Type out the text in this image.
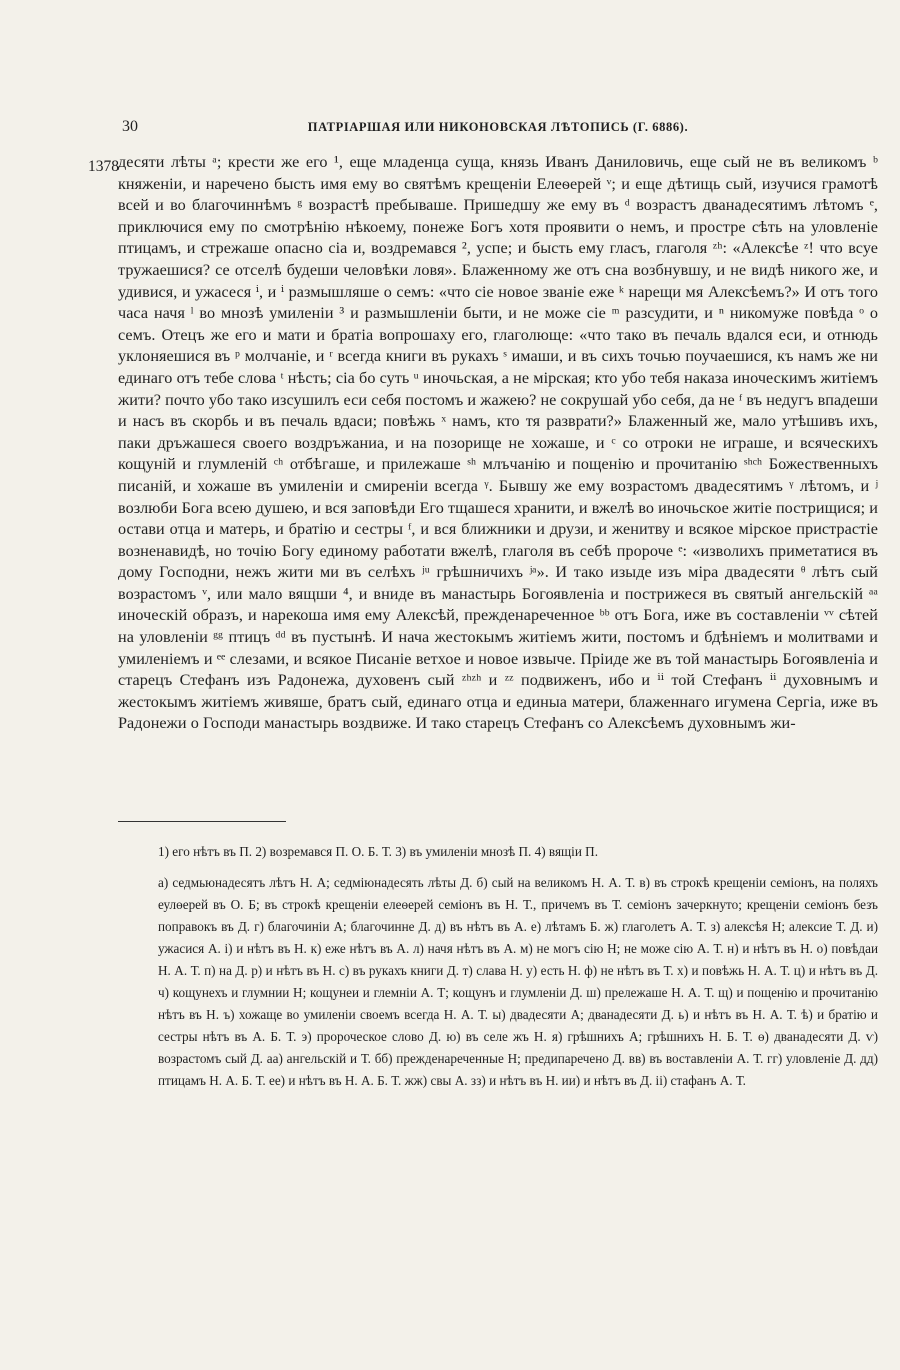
30	ПАТРІАРШАЯ ИЛИ НИКОНОВСКАЯ ЛѢТОПИСЬ (Г. 6886).
1378 десяти лѣты ᵃ; крести же его ¹, еще младенца суща, князь Иванъ Даниловичь, еще сый не въ великомъ ᵇ княженіи, и наречено бысть имя ему во святѣмъ крещеніи Елеѳерей ᵛ; и еще дѣтищь сый, изучися грамотѣ всей и во благочиннѣмъ ᵍ возрастѣ пребываше. Пришедшу же ему въ ᵈ возрастъ дванадесятимъ лѣтомъ ᵉ, приключися ему по смотрѣнію нѣкоему, понеже Богъ хотя проявити о немъ, и простре сѣть на уловленіе птицамъ, и стрежаше опасно сіа и, воздремався ², успе; и бысть ему гласъ, глаголя ᶻʰ: «Алексѣе ᶻ! что всуе тружаешися? се отселѣ будеши человѣки ловя». Блаженному же отъ сна возбнувшу, и не видѣ никого же, и удивися, и ужасеся ⁱ, и ⁱ размышляше о семъ: «что сіе новое званіе еже ᵏ нарещи мя Алексѣемъ?» И отъ того часа начя ˡ во мнозѣ умиленіи ³ и размышленіи быти, и не може сіе ᵐ разсудити, и ⁿ никомуже повѣда ᵒ о семъ. Отецъ же его и мати и братіа вопрошаху его, глаголюще: «что тако въ печаль вдался еси, и отнюдь уклоняешися въ ᵖ молчаніе, и ʳ всегда книги въ рукахъ ˢ имаши, и въ сихъ точью поучаешися, къ намъ же ни единаго отъ тебе слова ᵗ нѣсть; сіа бо суть ᵘ иночьская, а не мірская; кто убо тебя наказа иноческимъ житіемъ жити? почто убо тако изсушилъ еси себя постомъ и жажею? не сокрушай убо себя, да не ᶠ въ недугъ впадеши и насъ въ скорбь и въ печаль вдаси; повѣжь ˣ намъ, кто тя разврати?» Блаженный же, мало утѣшивъ ихъ, паки дръжашеся своего воздръжаниа, и на позорище не хожаше, и ᶜ со отроки не играше, и всяческихъ кощуній и глумленій ᶜʰ отбѣгаше, и прилежаше ˢʰ млъчанію и пощенію и прочитанію ˢʰᶜʰ Божественныхъ писаній, и хожаше въ умиленіи и смиреніи всегда ᵞ. Бывшу же ему возрастомъ двадесятимъ ᵞ лѣтомъ, и ʲ возлюби Бога всею душею, и вся заповѣди Его тщашеся хранити, и вжелѣ во иночьское житіе пострищися; и остави отца и матерь, и братію и сестры ᶠ, и вся ближники и друзи, и женитву и всякое мірское пристрастіе возненавидѣ, но точію Богу единому работати вжелѣ, глаголя въ себѣ пророче ᵉ: «изволихъ приметатися въ дому Господни, нежъ жити ми въ селѣхъ ʲᵘ грѣшничихъ ʲᵃ». И тако изыде изъ міра двадесяти ᶿ лѣтъ сый возрастомъ ᵛ, или мало вящши ⁴, и вниде въ манастырь Богоявленіа и пострижеся въ святый ангельскій ᵃᵃ иноческій образъ, и нарекоша имя ему Алексѣй, прежденареченное ᵇᵇ отъ Бога, иже въ составленіи ᵛᵛ сѣтей на уловленіи ᵍᵍ птицъ ᵈᵈ въ пустынѣ. И нача жестокымъ житіемъ жити, постомъ и бдѣніемъ и молитвами и умиленіемъ и ᵉᵉ слезами, и всякое Писаніе ветхое и новое извыче. Пріиде же въ той манастырь Богоявленіа и старецъ Стефанъ изъ Радонежа, духовенъ сый ᶻʰᶻʰ и ᶻᶻ подвиженъ, ибо и ⁱⁱ той Стефанъ ⁱⁱ духовнымъ и жестокымъ житіемъ живяше, братъ сый, единаго отца и единыа матери, блаженнаго игумена Сергіа, иже въ Радонежи о Господи манастырь воздвиже. И тако старецъ Стефанъ со Алексѣемъ духовнымъ жи-

1) его нѣтъ въ П. 2) возремався П. О. Б. Т. 3) въ умиленіи мнозѣ П. 4) вящіи П.

а) седмьюнадесятъ лѣтъ Н. А; седміюнадесять лѣты Д. б) сый на великомъ Н. А. Т. в) въ строкѣ крещенiи семіонъ, на поляхъ еулѳерей въ О. Б; въ строкѣ крещеніи елеѳерей семіонъ въ Н. Т., причемъ въ Т. семіонъ зачеркнуто; крещеніи семіонъ безъ поправокъ въ Д. г) благочиніи А; благочинне Д. д) въ нѣтъ въ А. е) лѣтамъ Б. ж) глаголетъ А. Т. з) алексѣя Н; алексие Т. Д. и) ужасися А. і) и нѣтъ въ Н. к) еже нѣтъ въ А. л) начя нѣтъ въ А. м) не могъ сію Н; не може сію А. Т. н) и нѣтъ въ Н. о) повѣдаи Н. А. Т. п) на Д. р) и нѣтъ въ Н. с) въ рукахъ книги Д. т) слава Н. у) есть Н. ф) не нѣтъ въ Т. х) и повѣжь Н. А. Т. ц) и нѣтъ въ Д. ч) кощунехъ и глумнии Н; кощунеи и глемніи А. Т; кощунъ и глумленіи Д. ш) прележаше Н. А. Т. щ) и пощенію и прочитанію нѣтъ въ Н. ъ) хожаще во умиленіи своемъ всегда Н. А. Т. ы) двадесяти А; дванадесяти Д. ь) и нѣтъ въ Н. А. Т. ѣ) и братію и сестры нѣтъ въ А. Б. Т. э) пророческое слово Д. ю) въ селе жъ Н. я) грѣшнихъ А; грѣшнихъ Н. Б. Т. ѳ) дванадесяти Д. ѵ) возрастомъ сый Д. аа) ангельскій и Т. бб) прежденареченные Н; предипаречено Д. вв) въ воставленіи А. Т. гг) уловленіе Д. дд) птицамъ Н. А. Б. Т. ее) и нѣтъ въ Н. А. Б. Т. жж) свы А. зз) и нѣтъ въ Н. ии) и нѣтъ въ Д. іі) стафанъ А. Т.
